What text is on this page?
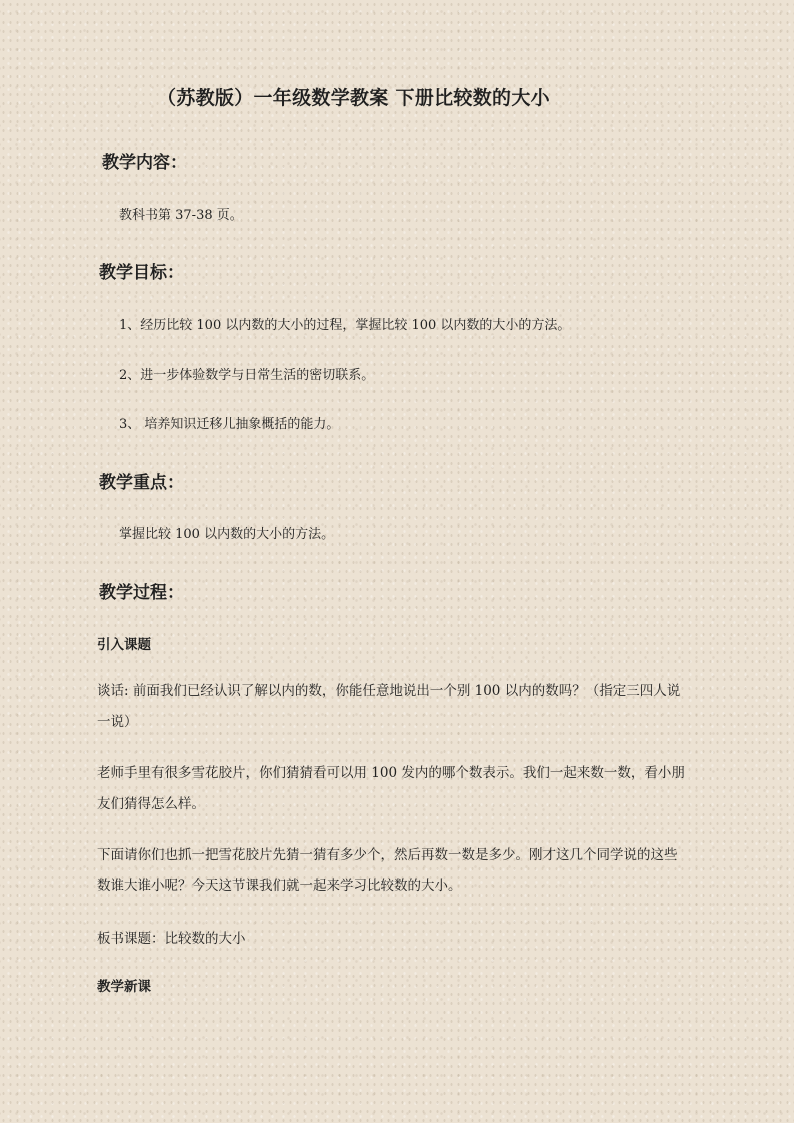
（苏教版）一年级数学教案 下册比较数的大小
教学内容：
教科书第 37-38 页。
教学目标：
1、经历比较 100 以内数的大小的过程，掌握比较 100 以内数的大小的方法。
2、进一步体验数学与日常生活的密切联系。
3、 培养知识迁移儿抽象概括的能力。
教学重点：
掌握比较 100 以内数的大小的方法。
教学过程：
引入课题
谈话: 前面我们已经认识了解以内的数，你能任意地说出一个别 100 以内的数吗？（指定三四人说
一说）
老师手里有很多雪花胶片，你们猜猜看可以用 100 发内的哪个数表示。我们一起来数一数，看小朋
友们猜得怎么样。
下面请你们也抓一把雪花胶片先猜一猜有多少个，然后再数一数是多少。刚才这几个同学说的这些
数谁大谁小呢？今天这节课我们就一起来学习比较数的大小。
板书课题：比较数的大小
教学新课
